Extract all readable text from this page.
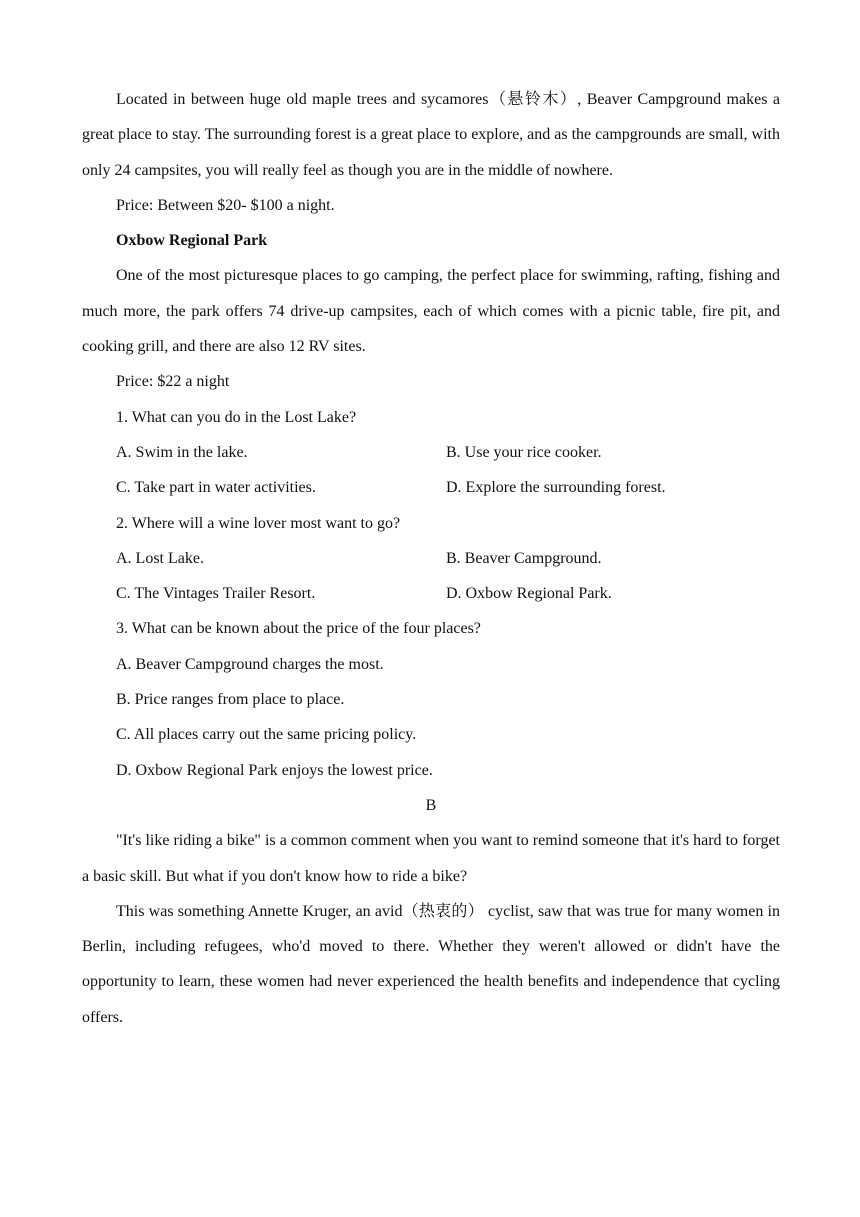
Located in between huge old maple trees and sycamores（悬铃木）, Beaver Campground makes a great place to stay. The surrounding forest is a great place to explore, and as the campgrounds are small, with only 24 campsites, you will really feel as though you are in the middle of nowhere.

Price: Between $20- $100 a night.

Oxbow Regional Park

One of the most picturesque places to go camping, the perfect place for swimming, rafting, fishing and much more, the park offers 74 drive-up campsites, each of which comes with a picnic table, fire pit, and cooking grill, and there are also 12 RV sites.

Price: $22 a night

1. What can you do in the Lost Lake?

A. Swim in the lake.	B. Use your rice cooker.
C. Take part in water activities.	D. Explore the surrounding forest.

2. Where will a wine lover most want to go?

A. Lost Lake.	B. Beaver Campground.
C. The Vintages Trailer Resort.	D. Oxbow Regional Park.

3. What can be known about the price of the four places?

A. Beaver Campground charges the most.

B. Price ranges from place to place.

C. All places carry out the same pricing policy.

D. Oxbow Regional Park enjoys the lowest price.

B

"It's like riding a bike" is a common comment when you want to remind someone that it's hard to forget a basic skill. But what if you don't know how to ride a bike?

This was something Annette Kruger, an avid（热衷的） cyclist, saw that was true for many women in Berlin, including refugees, who'd moved to there. Whether they weren't allowed or didn't have the opportunity to learn, these women had never experienced the health benefits and independence that cycling offers.
